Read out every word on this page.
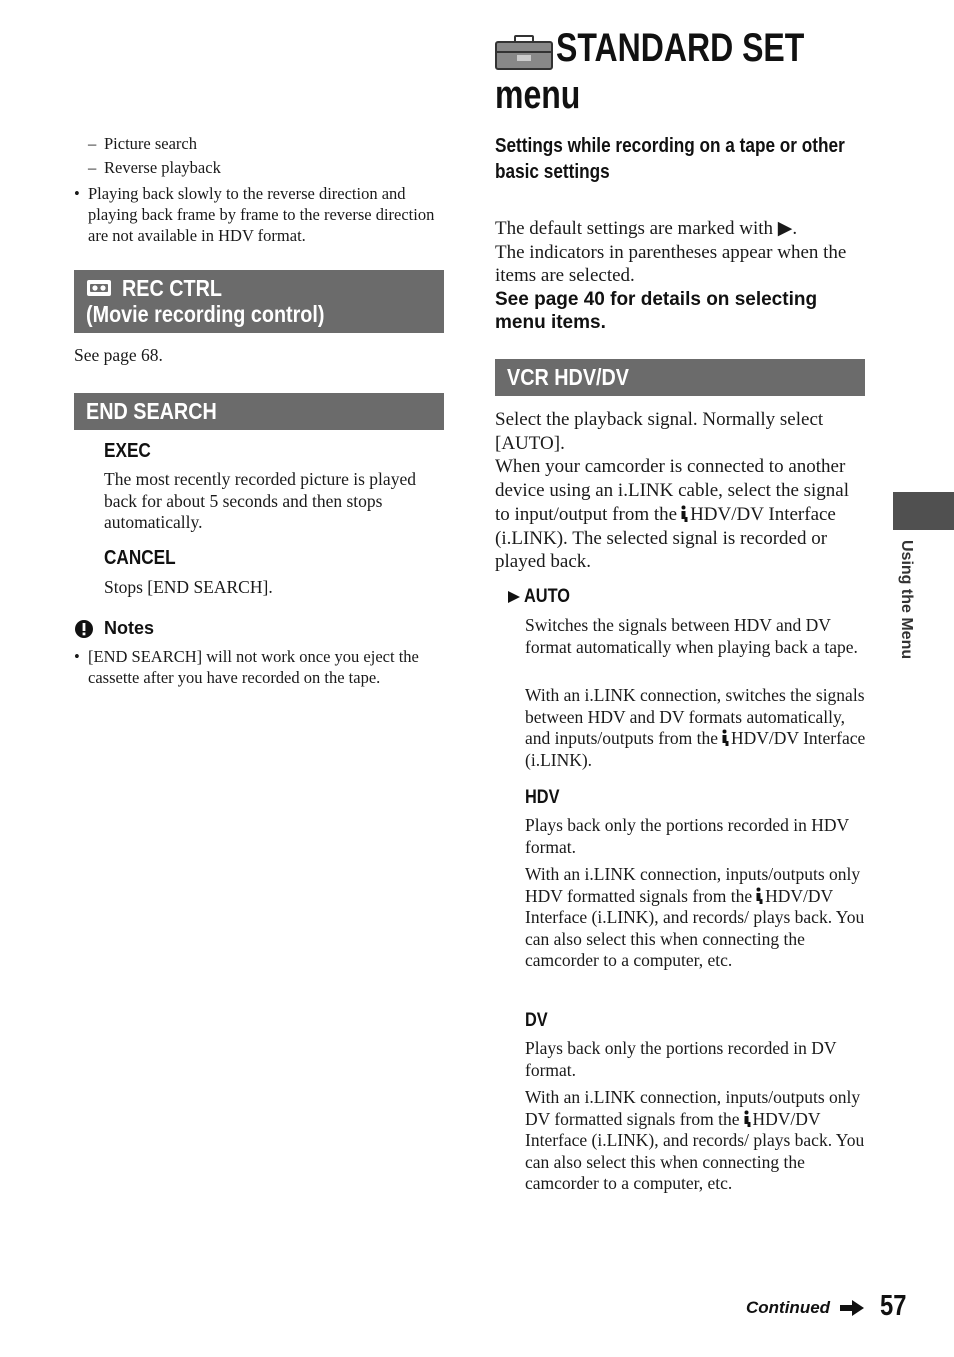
– Picture search
– Reverse playback
• Playing back slowly to the reverse direction and playing back frame by frame to the reverse direction are not available in HDV format.
REC CTRL
(Movie recording control)
See page 68.
END SEARCH
EXEC
The most recently recorded picture is played back for about 5 seconds and then stops automatically.
CANCEL
Stops [END SEARCH].
Notes
• [END SEARCH] will not work once you eject the cassette after you have recorded on the tape.
STANDARD SET
menu
Settings while recording on a tape or other
basic settings
The default settings are marked with ▶.
The indicators in parentheses appear when the items are selected.
See page 40 for details on selecting menu items.
VCR HDV/DV
Select the playback signal. Normally select [AUTO].
When your camcorder is connected to another device using an i.LINK cable, select the signal to input/output from the HDV/DV Interface (i.LINK). The selected signal is recorded or played back.
AUTO
Switches the signals between HDV and DV format automatically when playing back a tape.
With an i.LINK connection, switches the signals between HDV and DV formats automatically, and inputs/outputs from the HDV/DV Interface (i.LINK).
HDV
Plays back only the portions recorded in HDV format.
With an i.LINK connection, inputs/outputs only HDV formatted signals from the HDV/DV Interface (i.LINK), and records/ plays back. You can also select this when connecting the camcorder to a computer, etc.
DV
Plays back only the portions recorded in DV format.
With an i.LINK connection, inputs/outputs only DV formatted signals from the HDV/DV Interface (i.LINK), and records/ plays back. You can also select this when connecting the camcorder to a computer, etc.
Using the Menu
Continued 57
